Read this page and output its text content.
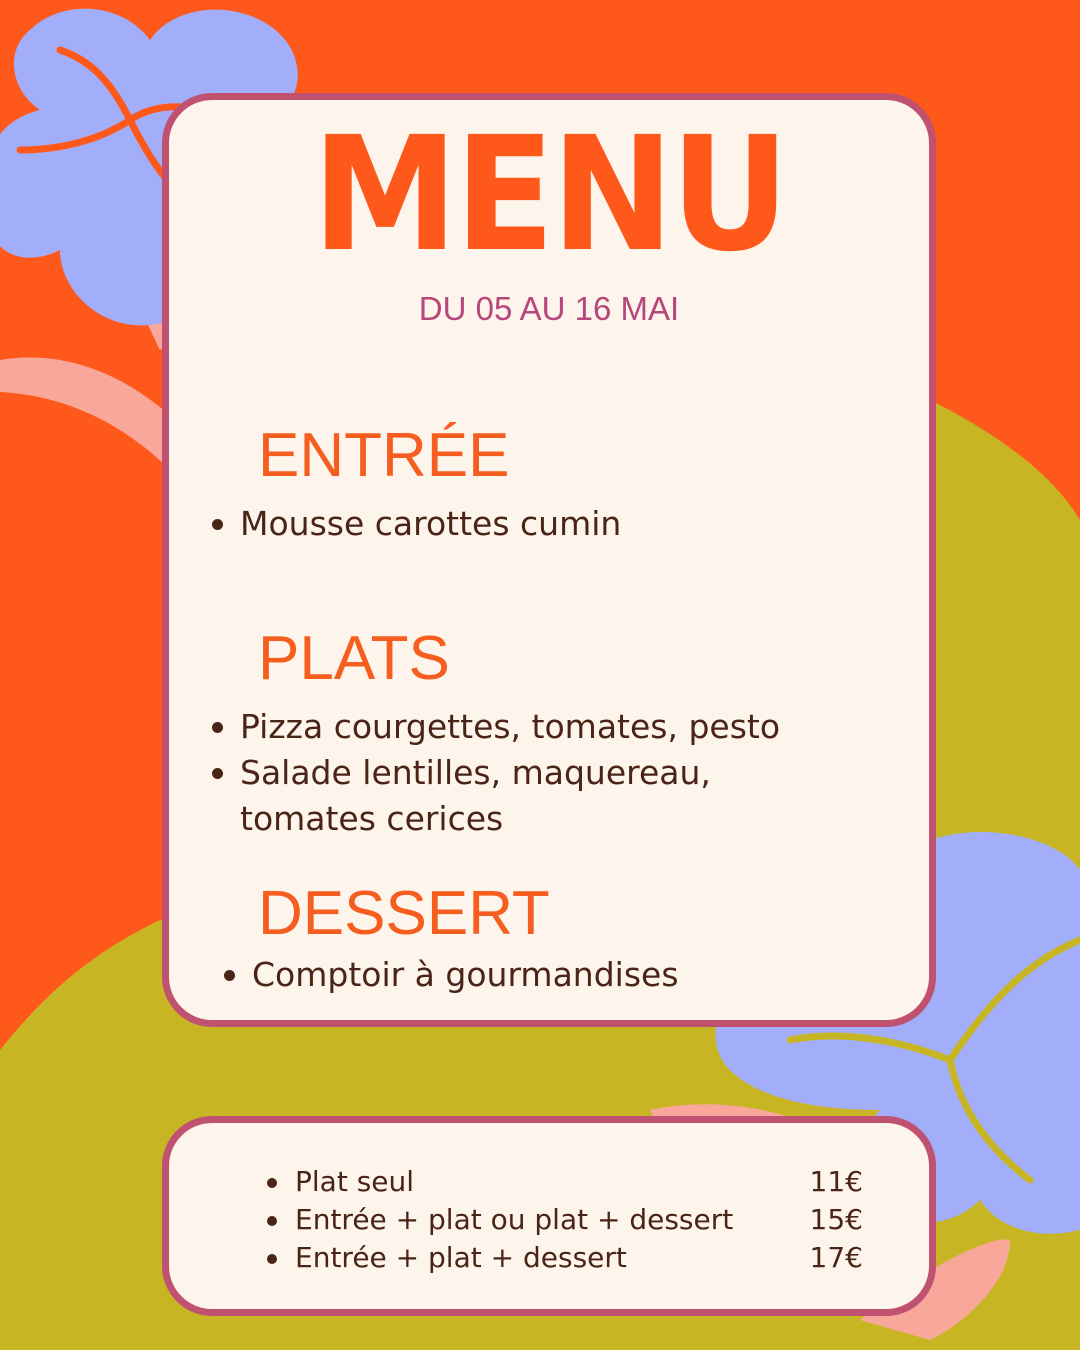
MENU
DU 05 AU 16 MAI
ENTRÉE
Mousse carottes cumin
PLATS
Pizza courgettes, tomates, pesto
Salade lentilles, maquereau, tomates cerices
DESSERT
Comptoir à gourmandises
Plat seul	11€
Entrée + plat ou plat + dessert	15€
Entrée + plat + dessert	17€
